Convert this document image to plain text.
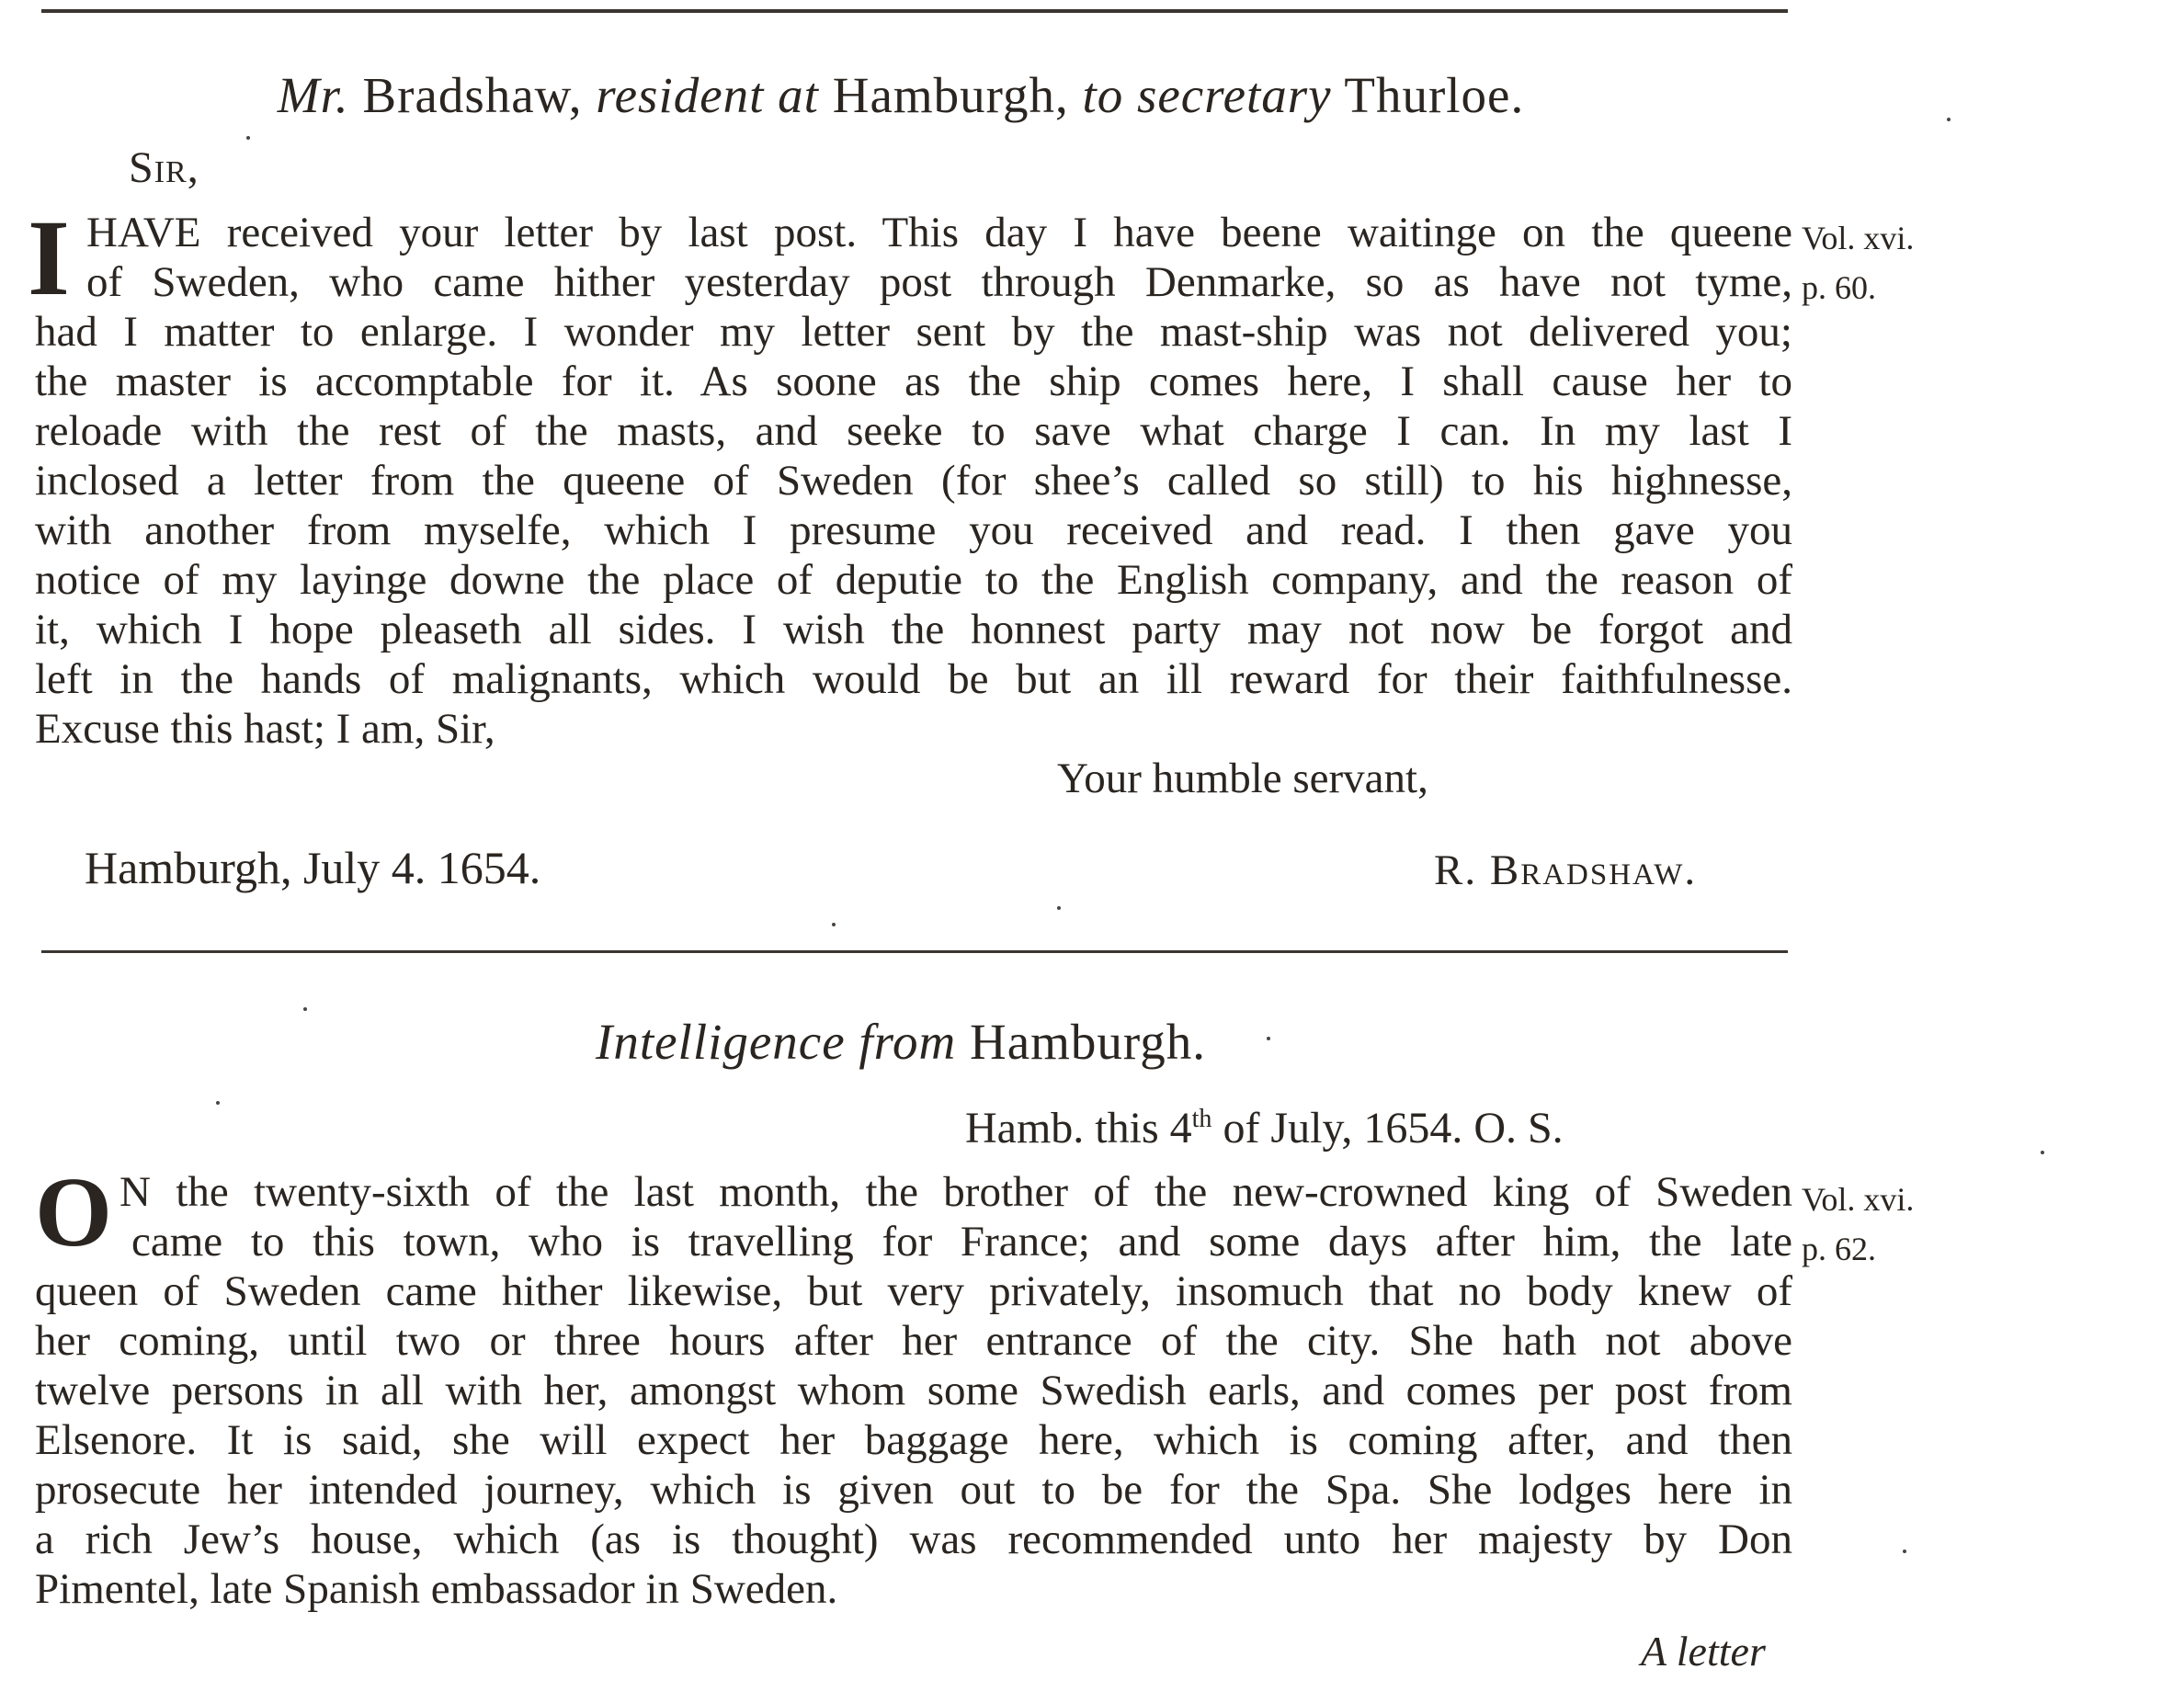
Mr. Bradshaw, resident at Hamburgh, to secretary Thurloe.
Sir,
I HAVE received your letter by last post. This day I have beene waitinge on the queene
of Sweden, who came hither yesterday post through Denmarke, so as have not tyme,
had I matter to enlarge. I wonder my letter sent by the mast-ship was not delivered you;
the master is accomptable for it. As soone as the ship comes here, I shall cause her to
reloade with the rest of the masts, and seeke to save what charge I can. In my last I
inclosed a letter from the queene of Sweden (for shee’s called so still) to his highnesse,
with another from myselfe, which I presume you received and read. I then gave you
notice of my layinge downe the place of deputie to the English company, and the reason of
it, which I hope pleaseth all sides. I wish the honnest party may not now be forgot and
left in the hands of malignants, which would be but an ill reward for their faithfulnesse.
Excuse this hast; I am, Sir,
Vol. xvi.
p. 60.
Your humble servant,
Hamburgh, July 4. 1654.	R. Bradshaw.
Intelligence from Hamburgh.
Hamb. this 4th of July, 1654. O. S.
O N the twenty-sixth of the last month, the brother of the new-crowned king of Sweden
came to this town, who is travelling for France; and some days after him, the late
queen of Sweden came hither likewise, but very privately, insomuch that no body knew of
her coming, until two or three hours after her entrance of the city. She hath not above
twelve persons in all with her, amongst whom some Swedish earls, and comes per post from
Elsenore. It is said, she will expect her baggage here, which is coming after, and then
prosecute her intended journey, which is given out to be for the Spa. She lodges here in
a rich Jew’s house, which (as is thought) was recommended unto her majesty by Don
Pimentel, late Spanish embassador in Sweden.
Vol. xvi.
p. 62.
A letter
